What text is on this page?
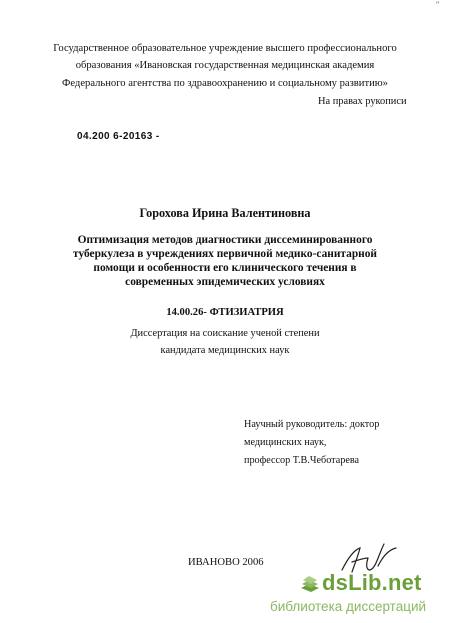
''
Государственное образовательное учреждение высшего профессионального
образования «Ивановская государственная медицинская академия
Федерального агентства по здравоохранению и социальному развитию»
На правах рукописи
04.200 6-20163 -
Горохова Ирина Валентиновна
Оптимизация методов диагностики диссеминированного
туберкулеза в учреждениях первичной медико-санитарной
помощи и особенности его клинического течения в
современных эпидемических условиях
14.00.26- ФТИЗИАТРИЯ
Диссертация на соискание ученой степени
кандидата медицинских наук
Научный руководитель: доктор
медицинских наук,
профессор Т.В.Чеботарева
ИВАНОВО 2006
dsLib.net
библиотека диссертаций
